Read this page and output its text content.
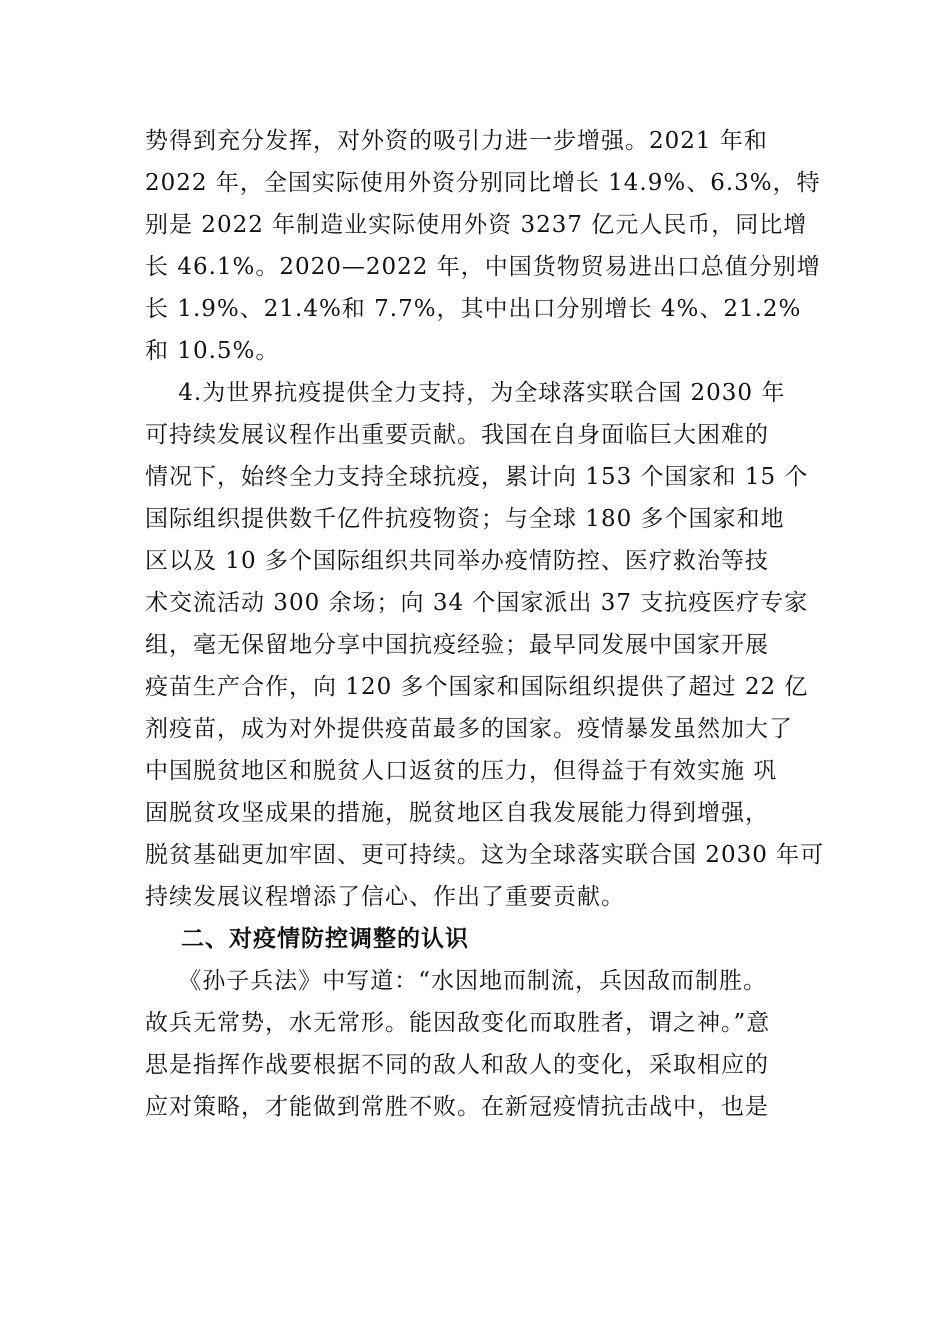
势得到充分发挥，对外资的吸引力进一步增强。2021 年和
2022 年，全国实际使用外资分别同比增长 14.9%、6.3%，特
别是 2022 年制造业实际使用外资 3237 亿元人民币，同比增
长 46.1%。2020—2022 年，中国货物贸易进出口总值分别增
长 1.9%、21.4%和 7.7%，其中出口分别增长 4%、21.2%
和 10.5%。
4.为世界抗疫提供全力支持，为全球落实联合国 2030 年
可持续发展议程作出重要贡献。我国在自身面临巨大困难的
情况下，始终全力支持全球抗疫，累计向 153 个国家和 15 个
国际组织提供数千亿件抗疫物资；与全球 180 多个国家和地
区以及 10 多个国际组织共同举办疫情防控、医疗救治等技
术交流活动 300 余场；向 34 个国家派出 37 支抗疫医疗专家
组，毫无保留地分享中国抗疫经验；最早同发展中国家开展
疫苗生产合作，向 120 多个国家和国际组织提供了超过 22 亿
剂疫苗，成为对外提供疫苗最多的国家。疫情暴发虽然加大了
中国脱贫地区和脱贫人口返贫的压力，但得益于有效实施 巩
固脱贫攻坚成果的措施，脱贫地区自我发展能力得到增强，
脱贫基础更加牢固、更可持续。这为全球落实联合国 2030 年可
持续发展议程增添了信心、作出了重要贡献。
二、对疫情防控调整的认识
《孙子兵法》中写道：“水因地而制流，兵因敌而制胜。
故兵无常势，水无常形。能因敌变化而取胜者，谓之神。”意
思是指挥作战要根据不同的敌人和敌人的变化，采取相应的
应对策略，才能做到常胜不败。在新冠疫情抗击战中，也是
